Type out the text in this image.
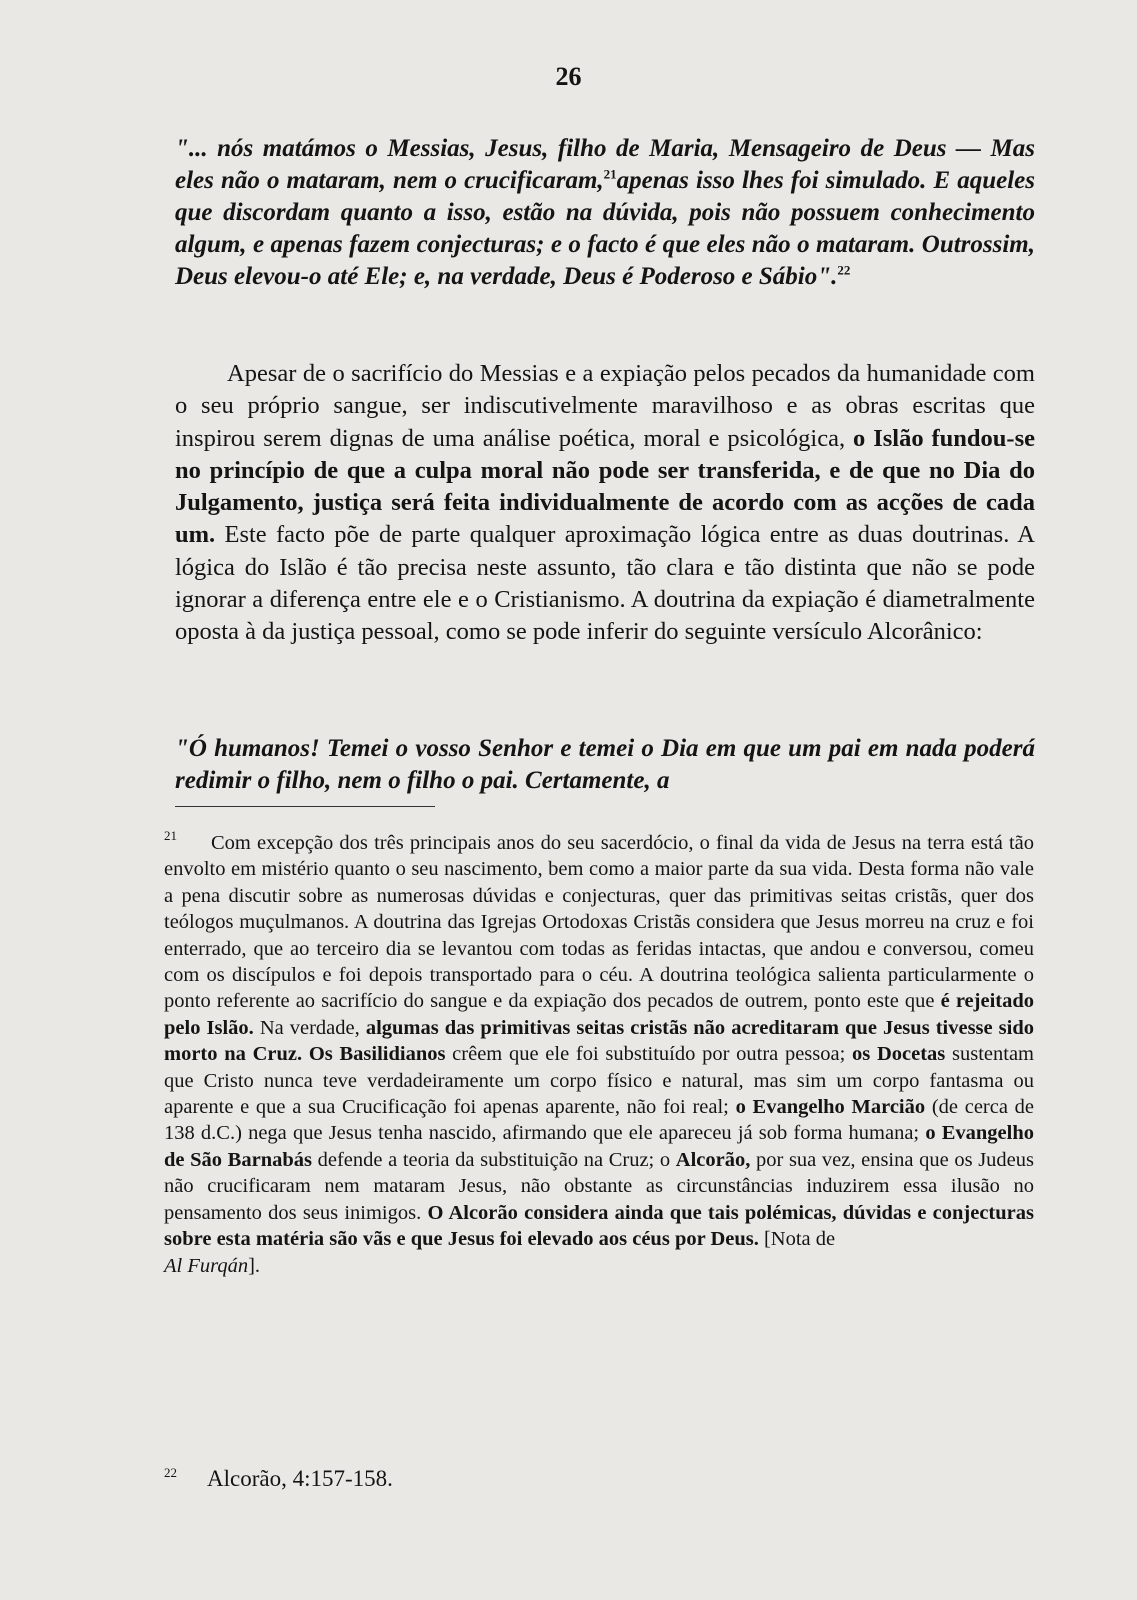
26

"... nós matámos o Messias, Jesus, filho de Maria, Mensageiro de Deus — Mas eles não o mataram, nem o crucificaram,$^{21}$apenas isso lhes foi simulado. E aqueles que discordam quanto a isso, estão na dúvida, pois não possuem conhecimento algum, e apenas fazem conjecturas; e o facto é que eles não o mataram. Outrossim, Deus elevou-o até Ele; e, na verdade, Deus é Poderoso e Sábio".$^{22}$

Apesar de o sacrifício do Messias e a expiação pelos pecados da humanidade com o seu próprio sangue, ser indiscutivelmente maravilhoso e as obras escritas que inspirou serem dignas de uma análise poética, moral e psicológica, o Islão fundou-se no princípio de que a culpa moral não pode ser transferida, e de que no Dia do Julgamento, justiça será feita individualmente de acordo com as acções de cada um. Este facto põe de parte qualquer aproximação lógica entre as duas doutrinas. A lógica do Islão é tão precisa neste assunto, tão clara e tão distinta que não se pode ignorar a diferença entre ele e o Cristianismo. A doutrina da expiação é diametralmente oposta à da justiça pessoal, como se pode inferir do seguinte versículo Alcorânico:

"Ó humanos! Temei o vosso Senhor e temei o Dia em que um pai em nada poderá redimir o filho, nem o filho o pai. Certamente, a

$^{21}$ Com excepção dos três principais anos do seu sacerdócio, o final da vida de Jesus na terra está tão envolto em mistério quanto o seu nascimento, bem como a maior parte da sua vida. Desta forma não vale a pena discutir sobre as numerosas dúvidas e conjecturas, quer das primitivas seitas cristãs, quer dos teólogos muçulmanos. A doutrina das Igrejas Ortodoxas Cristãs considera que Jesus morreu na cruz e foi enterrado, que ao terceiro dia se levantou com todas as feridas intactas, que andou e conversou, comeu com os discípulos e foi depois transportado para o céu. A doutrina teológica salienta particularmente o ponto referente ao sacrifício do sangue e da expiação dos pecados de outrem, ponto este que é rejeitado pelo Islão. Na verdade, algumas das primitivas seitas cristãs não acreditaram que Jesus tivesse sido morto na Cruz. Os Basilidianos crêem que ele foi substituído por outra pessoa; os Docetas sustentam que Cristo nunca teve verdadeiramente um corpo físico e natural, mas sim um corpo fantasma ou aparente e que a sua Crucificação foi apenas aparente, não foi real; o Evangelho Marcião (de cerca de 138 d.C.) nega que Jesus tenha nascido, afirmando que ele apareceu já sob forma humana; o Evangelho de São Barnabás defende a teoria da substituição na Cruz; o Alcorão, por sua vez, ensina que os Judeus não crucificaram nem mataram Jesus, não obstante as circunstâncias induzirem essa ilusão no pensamento dos seus inimigos. O Alcorão considera ainda que tais polémicas, dúvidas e conjecturas sobre esta matéria são vãs e que Jesus foi elevado aos céus por Deus. [Nota de
Al Furqán].

$^{22}$ Alcorão, 4:157-158.
